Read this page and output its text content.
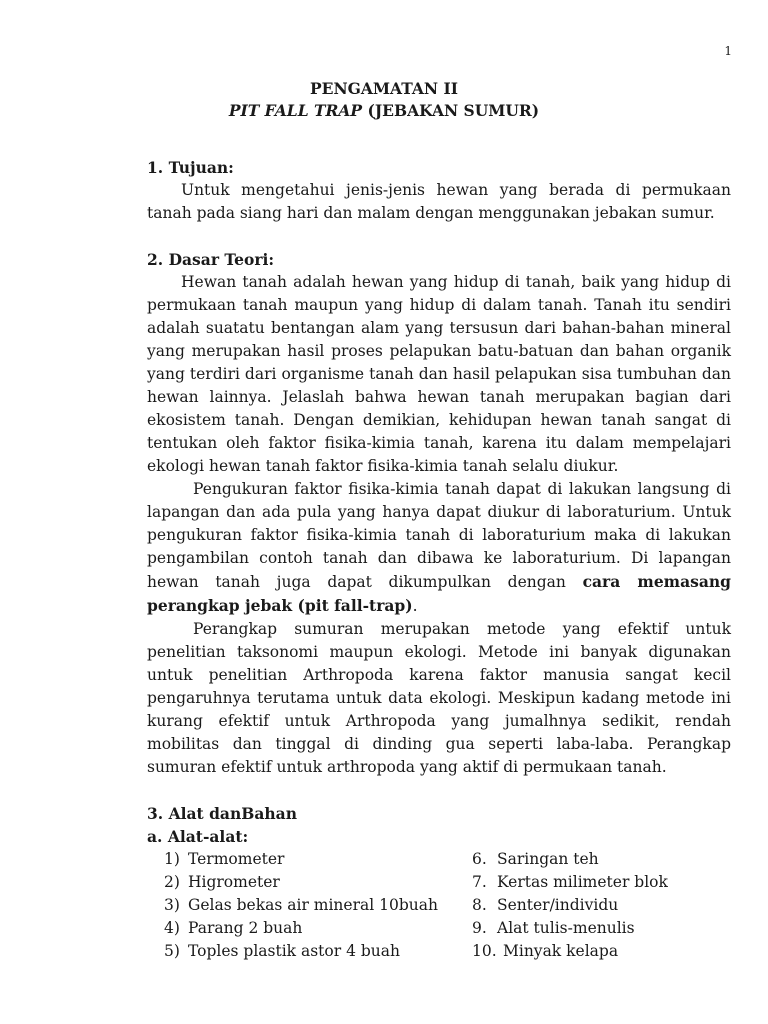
1
PENGAMATAN II
PIT FALL TRAP (JEBAKAN SUMUR)

1. Tujuan:

Untuk mengetahui jenis-jenis hewan yang berada di permukaan tanah pada siang hari dan malam dengan menggunakan jebakan sumur.

2. Dasar Teori:

Hewan tanah adalah hewan yang hidup di tanah, baik yang hidup di permukaan tanah maupun yang hidup di dalam tanah. Tanah itu sendiri adalah suatatu bentangan alam yang tersusun dari bahan-bahan mineral yang merupakan hasil proses pelapukan batu-batuan dan bahan organik yang terdiri dari organisme tanah dan hasil pelapukan sisa tumbuhan dan hewan lainnya. Jelaslah bahwa hewan tanah merupakan bagian dari ekosistem tanah. Dengan demikian, kehidupan hewan tanah sangat di tentukan oleh faktor fisika-kimia tanah, karena itu dalam mempelajari ekologi hewan tanah faktor fisika-kimia tanah selalu diukur.

Pengukuran faktor fisika-kimia tanah dapat di lakukan langsung di lapangan dan ada pula yang hanya dapat diukur di laboraturium. Untuk pengukuran faktor fisika-kimia tanah di laboraturium maka di lakukan pengambilan contoh tanah dan dibawa ke laboraturium. Di lapangan hewan tanah juga dapat dikumpulkan dengan cara memasang perangkap jebak (pit fall-trap).

Perangkap sumuran merupakan metode yang efektif untuk penelitian taksonomi maupun ekologi. Metode ini banyak digunakan untuk penelitian Arthropoda karena faktor manusia sangat kecil pengaruhnya terutama untuk data ekologi. Meskipun kadang metode ini kurang efektif untuk Arthropoda yang jumalhnya sedikit, rendah mobilitas dan tinggal di dinding gua seperti laba-laba. Perangkap sumuran efektif untuk arthropoda yang aktif di permukaan tanah.

3. Alat danBahan

a. Alat-alat:

1) Termometer
2) Higrometer
3) Gelas bekas air mineral 10buah
4) Parang 2 buah
5) Toples plastik astor 4 buah
6. Saringan teh
7. Kertas milimeter blok
8. Senter/individu
9. Alat tulis-menulis
10. Minyak kelapa
